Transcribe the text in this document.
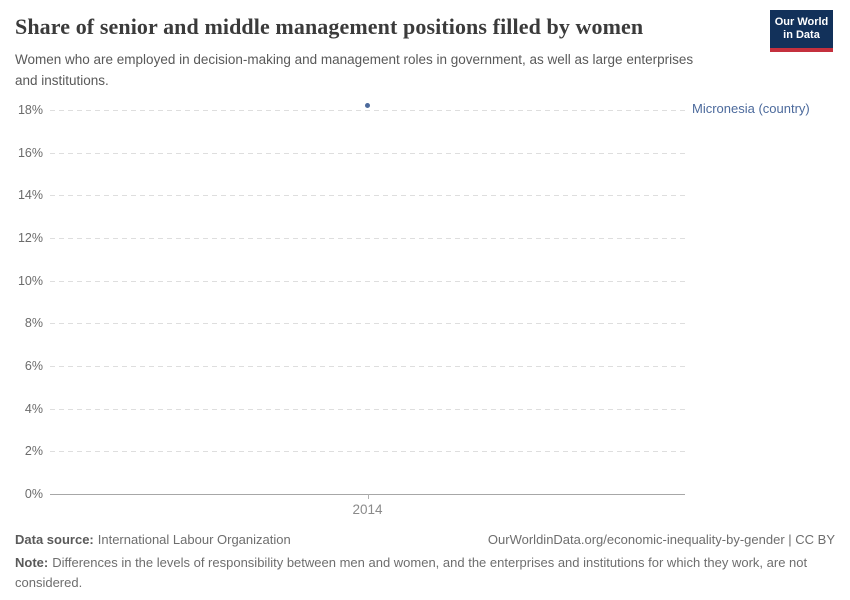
Share of senior and middle management positions filled by women	Our World
in Data

Women who are employed in decision-making and management roles in government, as well as large enterprises and institutions.

0%
2%
4%
6%
8%
10%
12%
14%
16%
18%
2014
Micronesia (country)
Data source: International Labour Organization	OurWorldinData.org/economic-inequality-by-gender | CC BY

Note: Differences in the levels of responsibility between men and women, and the enterprises and institutions for which they work, are not considered.
